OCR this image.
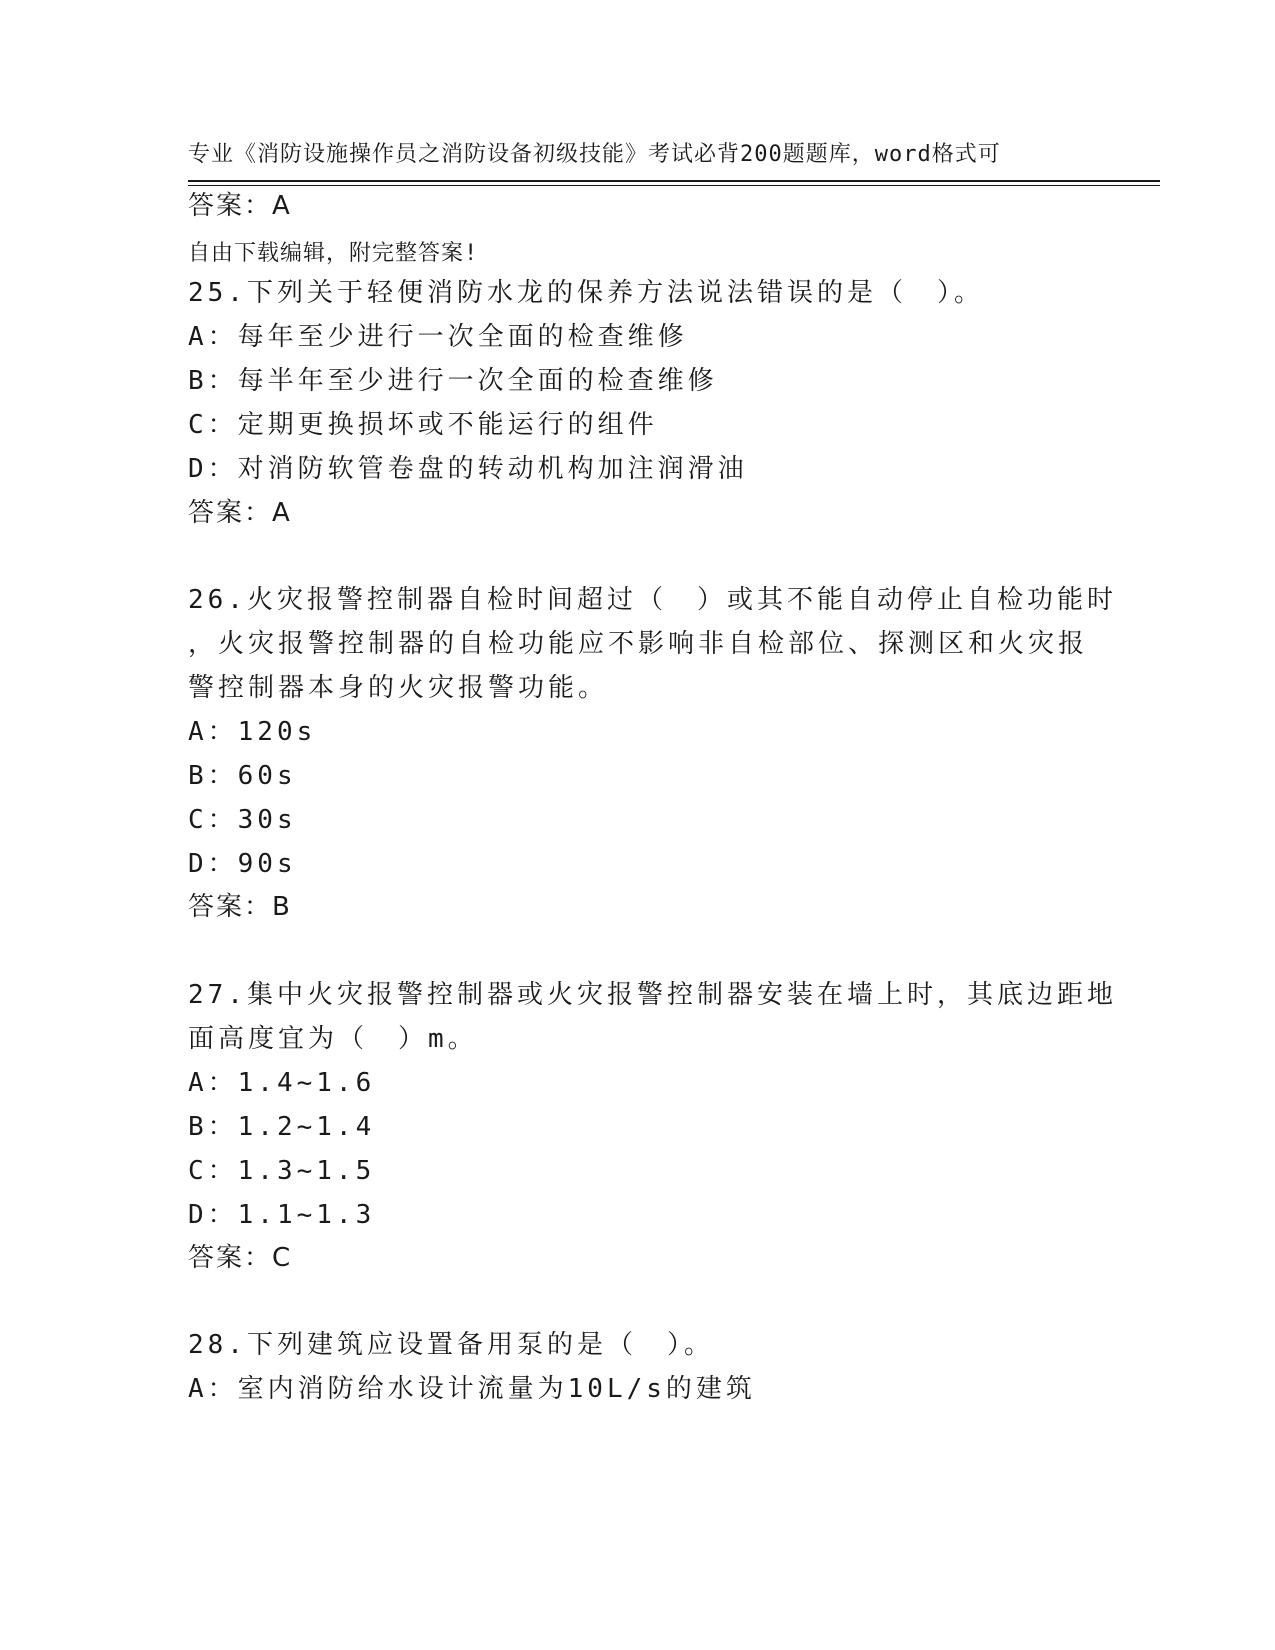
专业《消防设施操作员之消防设备初级技能》考试必背200题题库，word格式可

自由下载编辑，附完整答案!

答案：A
25.下列关于轻便消防水龙的保养方法说法错误的是（　）。
A：每年至少进行一次全面的检查维修
B：每半年至少进行一次全面的检查维修
C：定期更换损坏或不能运行的组件
D：对消防软管卷盘的转动机构加注润滑油
答案：A
26.火灾报警控制器自检时间超过（　）或其不能自动停止自检功能时
，火灾报警控制器的自检功能应不影响非自检部位、探测区和火灾报
警控制器本身的火灾报警功能。
A：120s
B：60s
C：30s
D：90s
答案：B
27.集中火灾报警控制器或火灾报警控制器安装在墙上时，其底边距地
面高度宜为（　）m。
A：1.4~1.6
B：1.2~1.4
C：1.3~1.5
D：1.1~1.3
答案：C
28.下列建筑应设置备用泵的是（　）。
A：室内消防给水设计流量为10L/s的建筑
